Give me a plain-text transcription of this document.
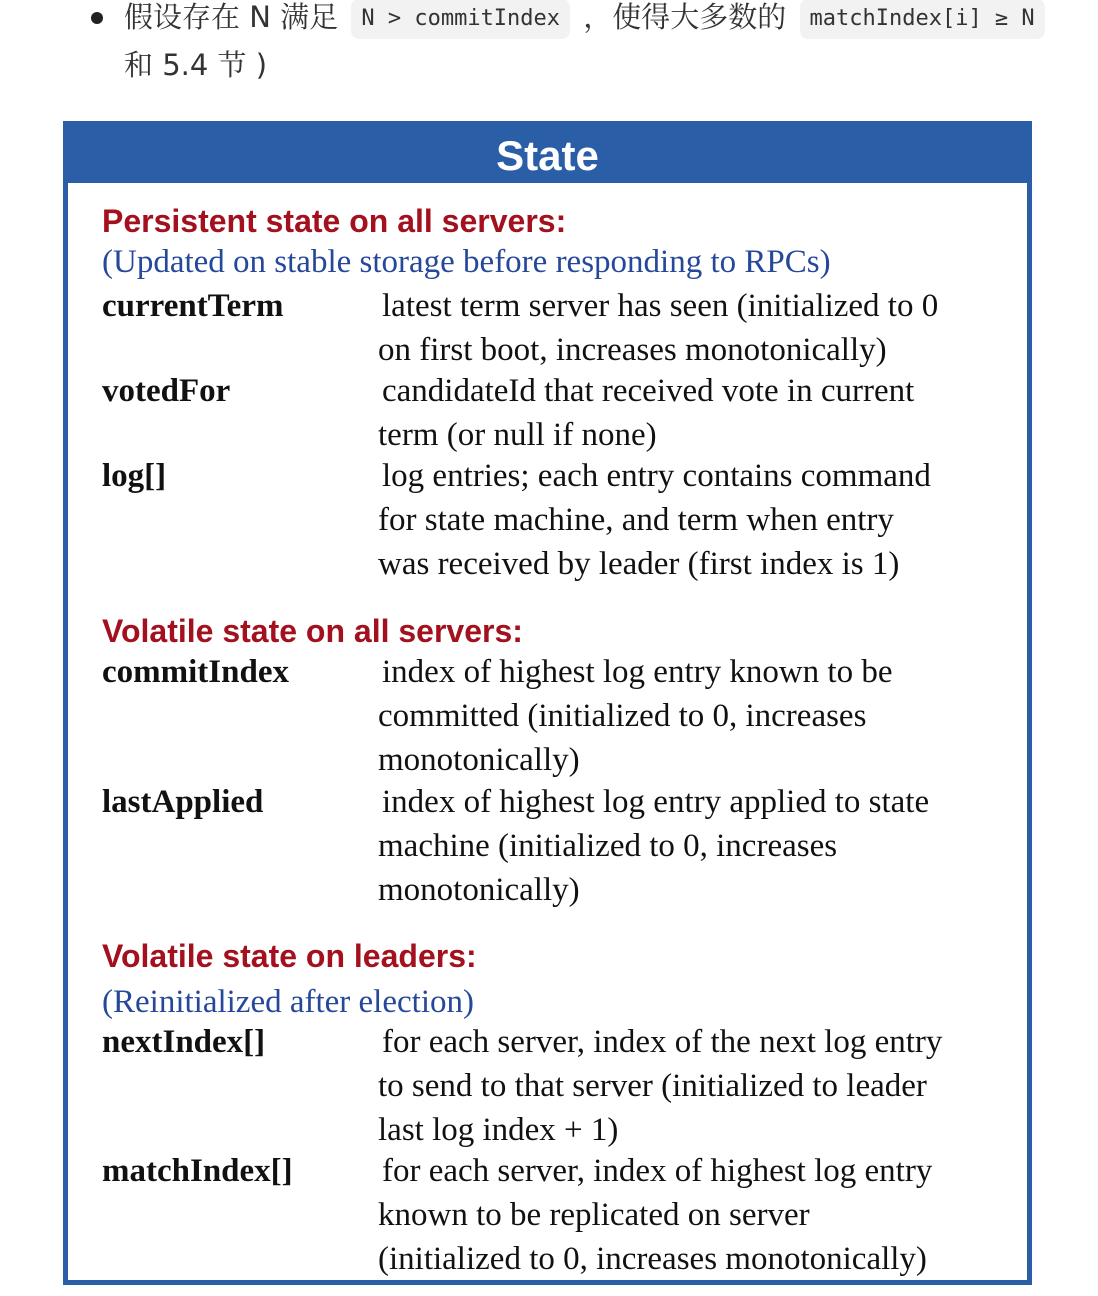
假设存在 N 满足 N > commitIndex ，使得大多数的 matchIndex[i] ≥ N
和 5.4 节 )
State
Persistent state on all servers:
(Updated on stable storage before responding to RPCs)
currentTerm	latest term server has seen (initialized to 0
on first boot, increases monotonically)
votedFor	candidateId that received vote in current
term (or null if none)
log[]	log entries; each entry contains command
for state machine, and term when entry
was received by leader (first index is 1)
Volatile state on all servers:
commitIndex	index of highest log entry known to be
committed (initialized to 0, increases
monotonically)
lastApplied	index of highest log entry applied to state
machine (initialized to 0, increases
monotonically)
Volatile state on leaders:
(Reinitialized after election)
nextIndex[]	for each server, index of the next log entry
to send to that server (initialized to leader
last log index + 1)
matchIndex[]	for each server, index of highest log entry
known to be replicated on server
(initialized to 0, increases monotonically)
